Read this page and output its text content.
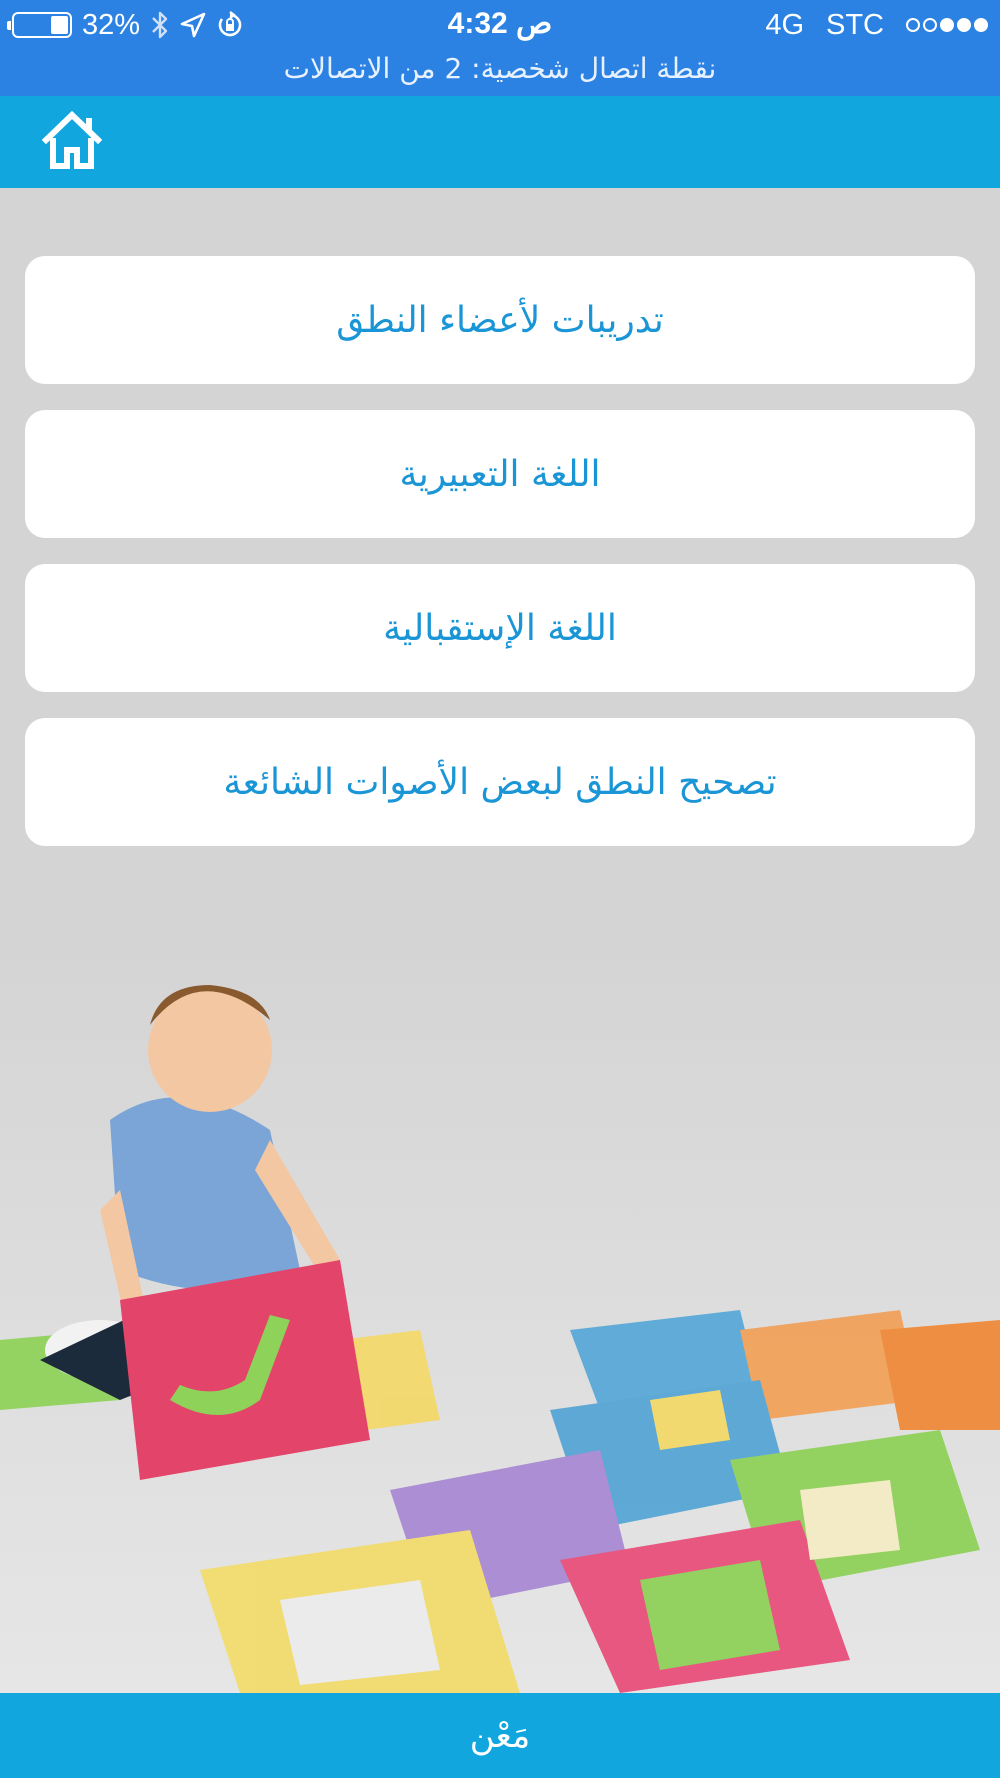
32%	4:32 ص	4G STC
نقطة اتصال شخصية: 2 من الاتصالات
تدريبات لأعضاء النطق
اللغة التعبيرية
اللغة الإستقبالية
تصحيح النطق لبعض الأصوات الشائعة
مَعْن
